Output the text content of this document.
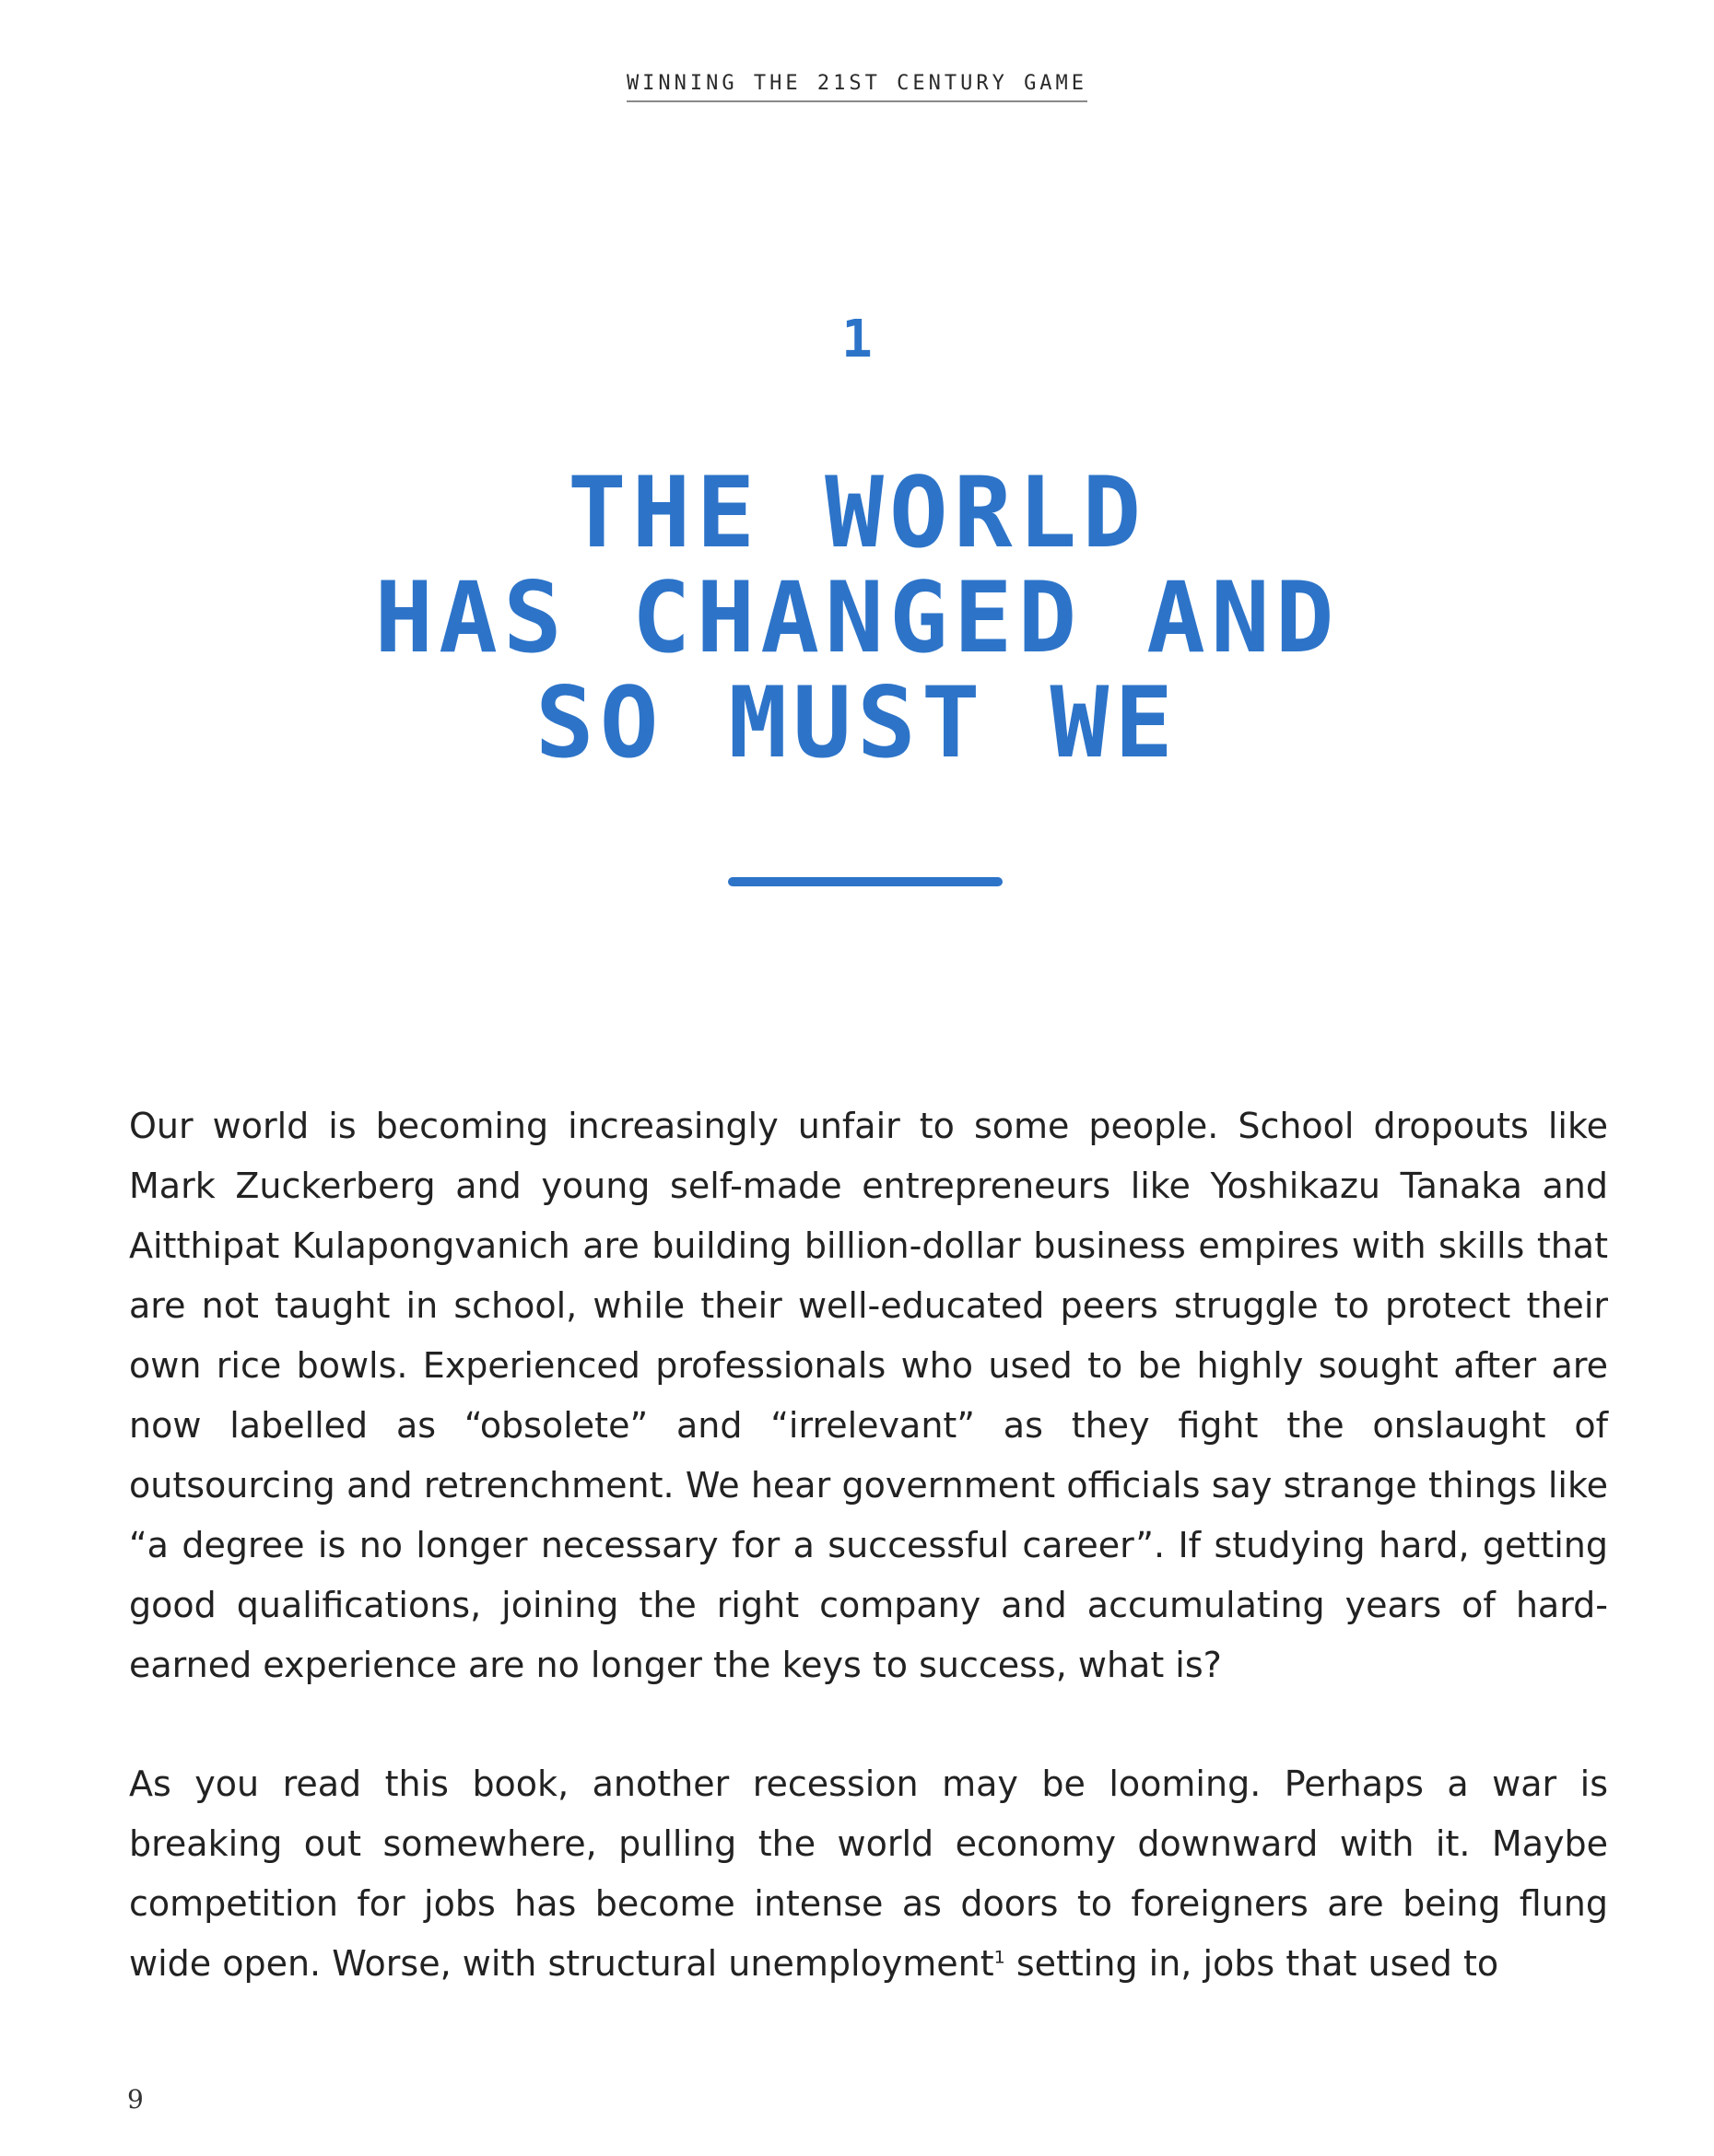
WINNING THE 21ST CENTURY GAME
1
THE WORLD
HAS CHANGED AND
SO MUST WE

Our world is becoming increasingly unfair to some people. School dropouts like Mark Zuckerberg and young self-made entrepreneurs like Yoshikazu Tanaka and Aitthipat Kulapongvanich are building billion-dollar business empires with skills that are not taught in school, while their well-educated peers struggle to protect their own rice bowls. Experienced professionals who used to be highly sought after are now labelled as “obsolete” and “irrelevant” as they fight the onslaught of outsourcing and retrenchment. We hear government officials say strange things like “a degree is no longer necessary for a successful career”. If studying hard, getting good qualifications, joining the right company and accumulating years of hard-earned experience are no longer the keys to success, what is?

As you read this book, another recession may be looming. Perhaps a war is breaking out somewhere, pulling the world economy downward with it. Maybe competition for jobs has become intense as doors to foreigners are being flung wide open. Worse, with structural unemployment$^1$ setting in, jobs that used to

9
